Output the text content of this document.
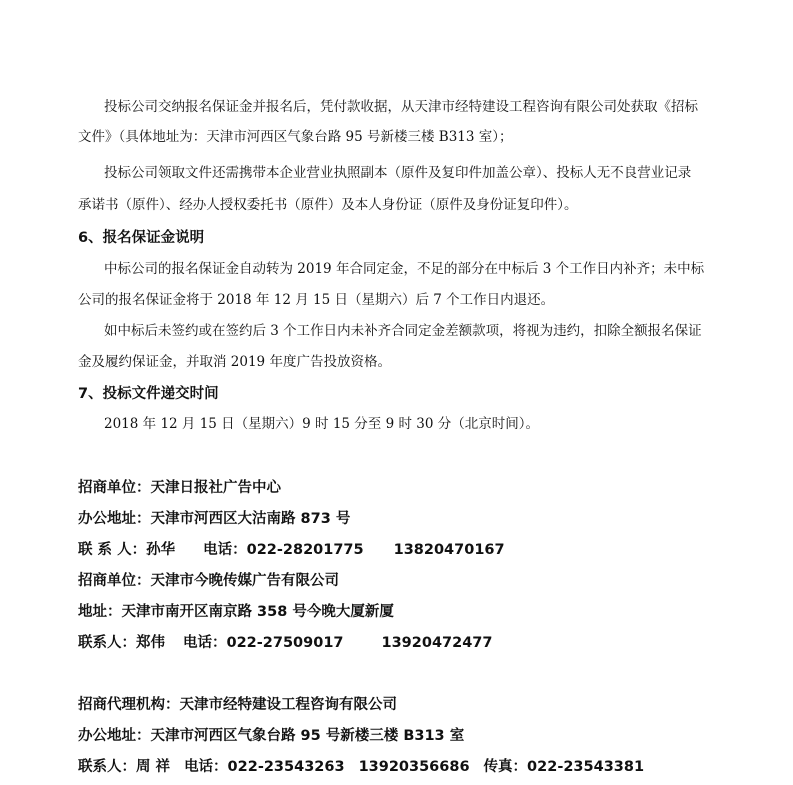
投标公司交纳报名保证金并报名后，凭付款收据，从天津市经特建设工程咨询有限公司处获取《招标
文件》（具体地址为：天津市河西区气象台路 95 号新楼三楼 B313 室）；
投标公司领取文件还需携带本企业营业执照副本（原件及复印件加盖公章）、投标人无不良营业记录
承诺书（原件）、经办人授权委托书（原件）及本人身份证（原件及身份证复印件）。
6、报名保证金说明
中标公司的报名保证金自动转为 2019 年合同定金，不足的部分在中标后 3 个工作日内补齐；未中标
公司的报名保证金将于 2018 年 12 月 15 日（星期六）后 7 个工作日内退还。
如中标后未签约或在签约后 3 个工作日内未补齐合同定金差额款项，将视为违约，扣除全额报名保证
金及履约保证金，并取消 2019 年度广告投放资格。
7、投标文件递交时间
2018 年 12 月 15 日（星期六）9 时 15 分至 9 时 30 分（北京时间）。
招商单位：天津日报社广告中心
办公地址：天津市河西区大沽南路 873 号
联 系 人：孙华 电话：022-28201775 13820470167
招商单位：天津市今晚传媒广告有限公司
地址：天津市南开区南京路 358 号今晚大厦新厦
联系人：郑伟 电话：022-27509017	13920472477
招商代理机构：天津市经特建设工程咨询有限公司
办公地址：天津市河西区气象台路 95 号新楼三楼 B313 室
联系人：周 祥 电话：022-23543263 13920356686 传真：022-23543381
